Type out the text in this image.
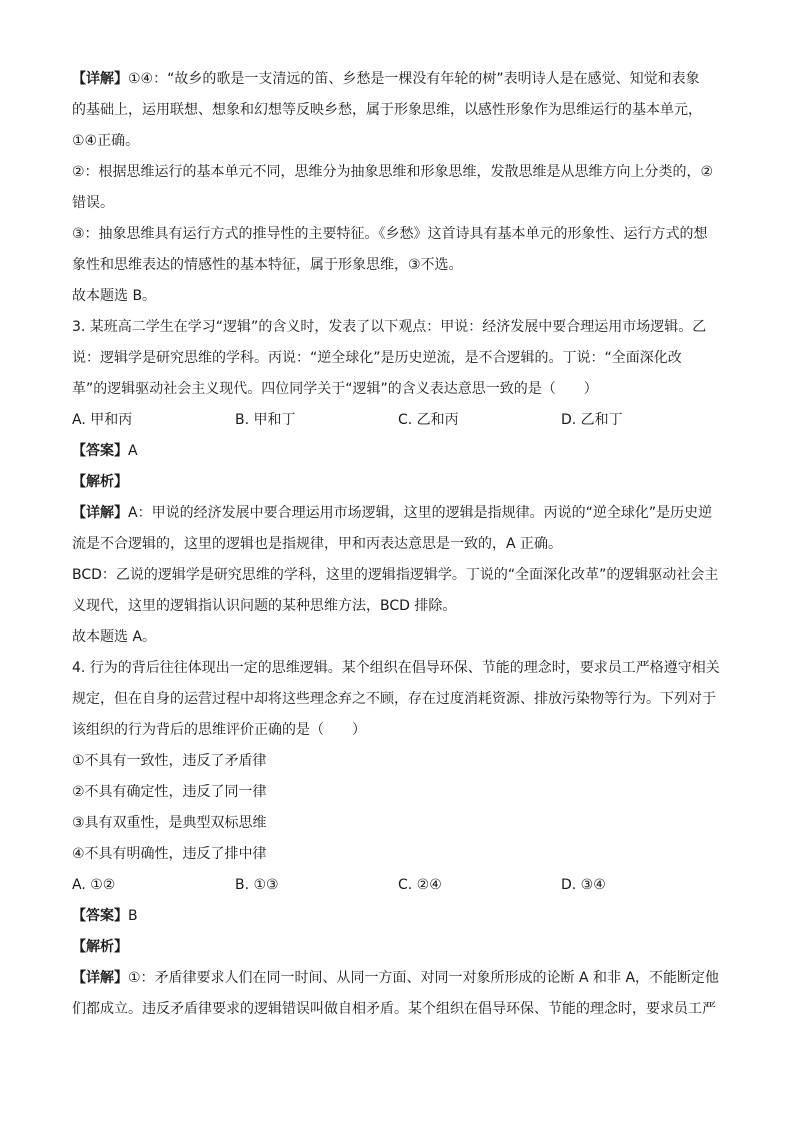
【详解】①④：“故乡的歌是一支清远的笛、乡愁是一棵没有年轮的树”表明诗人是在感觉、知觉和表象
的基础上，运用联想、想象和幻想等反映乡愁，属于形象思维，以感性形象作为思维运行的基本单元，
①④正确。
②：根据思维运行的基本单元不同，思维分为抽象思维和形象思维，发散思维是从思维方向上分类的，②
错误。
③：抽象思维具有运行方式的推导性的主要特征。《乡愁》这首诗具有基本单元的形象性、运行方式的想
象性和思维表达的情感性的基本特征，属于形象思维，③不选。
故本题选 B。
3. 某班高二学生在学习“逻辑”的含义时，发表了以下观点：甲说：经济发展中要合理运用市场逻辑。乙
说：逻辑学是研究思维的学科。丙说：“逆全球化”是历史逆流，是不合逻辑的。丁说：“全面深化改
革”的逻辑驱动社会主义现代。四位同学关于“逻辑”的含义表达意思一致的是（　　）
A. 甲和丙	B. 甲和丁	C. 乙和丙	D. 乙和丁
【答案】A
【解析】
【详解】A：甲说的经济发展中要合理运用市场逻辑，这里的逻辑是指规律。丙说的“逆全球化”是历史逆
流是不合逻辑的，这里的逻辑也是指规律，甲和丙表达意思是一致的，A 正确。
BCD：乙说的逻辑学是研究思维的学科，这里的逻辑指逻辑学。丁说的“全面深化改革”的逻辑驱动社会主
义现代，这里的逻辑指认识问题的某种思维方法，BCD 排除。
故本题选 A。
4. 行为的背后往往体现出一定的思维逻辑。某个组织在倡导环保、节能的理念时，要求员工严格遵守相关
规定，但在自身的运营过程中却将这些理念弃之不顾，存在过度消耗资源、排放污染物等行为。下列对于
该组织的行为背后的思维评价正确的是（　　）
①不具有一致性，违反了矛盾律
②不具有确定性，违反了同一律
③具有双重性，是典型双标思维
④不具有明确性，违反了排中律
A. ①②	B. ①③	C. ②④	D. ③④
【答案】B
【解析】
【详解】①：矛盾律要求人们在同一时间、从同一方面、对同一对象所形成的论断 A 和非 A，不能断定他
们都成立。违反矛盾律要求的逻辑错误叫做自相矛盾。某个组织在倡导环保、节能的理念时，要求员工严
